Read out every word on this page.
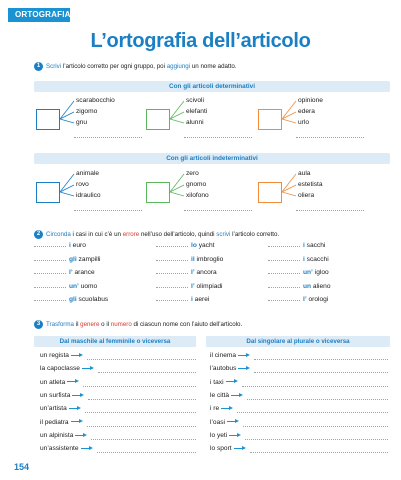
ORTOGRAFIA
L’ortografia dell’articolo
1 Scrivi l’articolo corretto per ogni gruppo, poi aggiungi un nome adatto.
Con gli articoli determinativi
Con gli articoli indeterminativi
scarabocchio
zigomo
gnu
scivoli
elefanti
alunni
opinione
edera
urlo
animale
rovo
idraulico
zero
gnomo
xilofono
aula
estetista
oliera
2 Circonda i casi in cui c’è un errore nell’uso dell’articolo, quindi scrivi l’articolo corretto.
i euro
gli zampilli
l’ arance
un’ uomo
gli scuolabus
lo yacht
il imbroglio
l’ ancora
l’ olimpiadi
i aerei
i sacchi
i scacchi
un’ igloo
un alieno
l’ orologi
3 Trasforma il genere o il numero di ciascun nome con l’aiuto dell’articolo.
Dal maschile al femminile o viceversa	Dal singolare al plurale o viceversa
un regista
la capoclasse
un atleta
un surfista
un’artista
il pediatra
un alpinista
un’assistente
il cinema
l’autobus
i taxi
le città
i re
l’oasi
lo yeti
lo sport
154
